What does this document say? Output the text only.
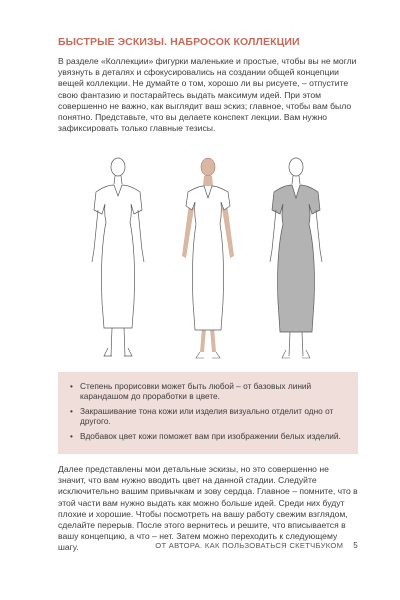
БЫСТРЫЕ ЭСКИЗЫ. НАБРОСОК КОЛЛЕКЦИИ

В разделе «Коллекции» фигурки маленькие и простые, чтобы вы не могли увязнуть в деталях и сфокусировались на создании общей концепции вещей коллекции. Не думайте о том, хорошо ли вы рисуете, – отпустите свою фантазию и постарайтесь выдать максимум идей. При этом совершенно не важно, как выглядит ваш эскиз; главное, чтобы вам было понятно. Представьте, что вы делаете конспект лекции. Вам нужно зафиксировать только главные тезисы.

• Степень прорисовки может быть любой – от базовых линий карандашом до проработки в цвете.
• Закрашивание тона кожи или изделия визуально отделит одно от другого.
• Вдобавок цвет кожи поможет вам при изображении белых изделий.

Далее представлены мои детальные эскизы, но это совершенно не значит, что вам нужно вводить цвет на данной стадии. Следуйте исключительно вашим привычкам и зову сердца. Главное – помните, что в этой части вам нужно выдать как можно больше идей. Среди них будут плохие и хорошие. Чтобы посмотреть на вашу работу свежим взглядом, сделайте перерыв. После этого вернитесь и решите, что вписывается в вашу концепцию, а что – нет. Затем можно переходить к следующему шагу.	ОТ АВТОРА. КАК ПОЛЬЗОВАТЬСЯ СКЕТЧБУКОМ 5
